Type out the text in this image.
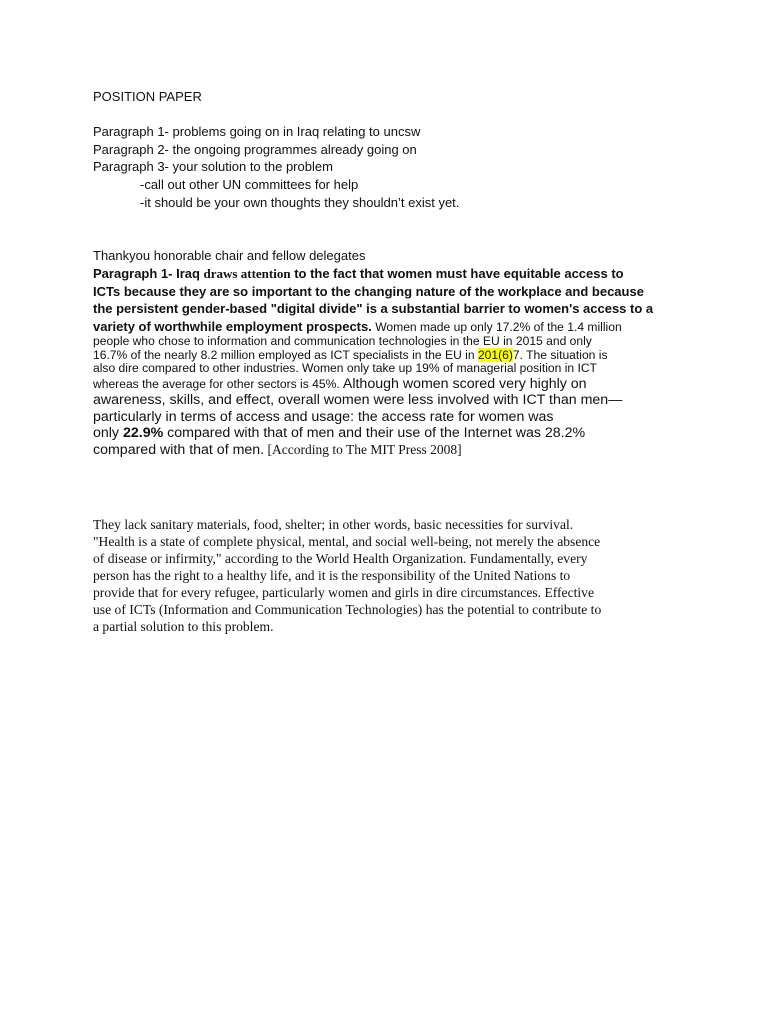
POSITION PAPER
Paragraph 1- problems going on in Iraq relating to uncsw
Paragraph 2- the ongoing programmes already going on
Paragraph 3- your solution to the problem
-call out other UN committees for help
-it should be your own thoughts they shouldn’t exist yet.
Thankyou honorable chair and fellow delegates
Paragraph 1- Iraq draws attention to the fact that women must have equitable access to
ICTs because they are so important to the changing nature of the workplace and because
the persistent gender-based "digital divide" is a substantial barrier to women's access to a
variety of worthwhile employment prospects. Women made up only 17.2% of the 1.4 million
people who chose to information and communication technologies in the EU in 2015 and only
16.7% of the nearly 8.2 million employed as ICT specialists in the EU in 201(6)7. The situation is
also dire compared to other industries. Women only take up 19% of managerial position in ICT
whereas the average for other sectors is 45%. Although women scored very highly on
awareness, skills, and effect, overall women were less involved with ICT than men—
particularly in terms of access and usage: the access rate for women was
only 22.9% compared with that of men and their use of the Internet was 28.2%
compared with that of men. [According to The MIT Press 2008]
They lack sanitary materials, food, shelter; in other words, basic necessities for survival.
"Health is a state of complete physical, mental, and social well-being, not merely the absence
of disease or infirmity," according to the World Health Organization. Fundamentally, every
person has the right to a healthy life, and it is the responsibility of the United Nations to
provide that for every refugee, particularly women and girls in dire circumstances. Effective
use of ICTs (Information and Communication Technologies) has the potential to contribute to
a partial solution to this problem.
